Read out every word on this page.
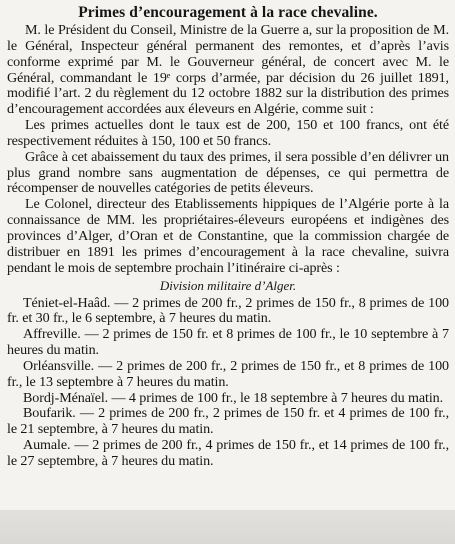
Primes d’encouragement à la race chevaline.

M. le Président du Conseil, Ministre de la Guerre a, sur la proposition de M. le Général, Inspecteur général permanent des remontes, et d’après l’avis conforme exprimé par M. le Gouverneur général, de concert avec M. le Général, commandant le 19ᵉ corps d’armée, par décision du 26 juillet 1891, modifié l’art. 2 du règlement du 12 octobre 1882 sur la distribution des primes d’encouragement accordées aux éleveurs en Algérie, comme suit :

Les primes actuelles dont le taux est de 200, 150 et 100 francs, ont été respectivement réduites à 150, 100 et 50 francs.

Grâce à cet abaissement du taux des primes, il sera possible d’en délivrer un plus grand nombre sans augmentation de dépenses, ce qui permettra de récompenser de nouvelles catégories de petits éleveurs.

Le Colonel, directeur des Etablissements hippiques de l’Algérie porte à la connaissance de MM. les propriétaires-éleveurs européens et indigènes des provinces d’Alger, d’Oran et de Constantine, que la commission chargée de distribuer en 1891 les primes d’encouragement à la race chevaline, suivra pendant le mois de septembre prochain l’itinéraire ci-après :

Division militaire d’Alger.

Téniet-el-Haâd. — 2 primes de 200 fr., 2 primes de 150 fr., 8 primes de 100 fr. et 30 fr., le 6 septembre, à 7 heures du matin.

Affreville. — 2 primes de 150 fr. et 8 primes de 100 fr., le 10 septembre à 7 heures du matin.

Orléansville. — 2 primes de 200 fr., 2 primes de 150 fr., et 8 primes de 100 fr., le 13 septembre à 7 heures du matin.

Bordj-Ménaïel. — 4 primes de 100 fr., le 18 septembre à 7 heures du matin.

Boufarik. — 2 primes de 200 fr., 2 primes de 150 fr. et 4 primes de 100 fr., le 21 septembre, à 7 heures du matin.

Aumale. — 2 primes de 200 fr., 4 primes de 150 fr., et 14 primes de 100 fr., le 27 septembre, à 7 heures du matin.
